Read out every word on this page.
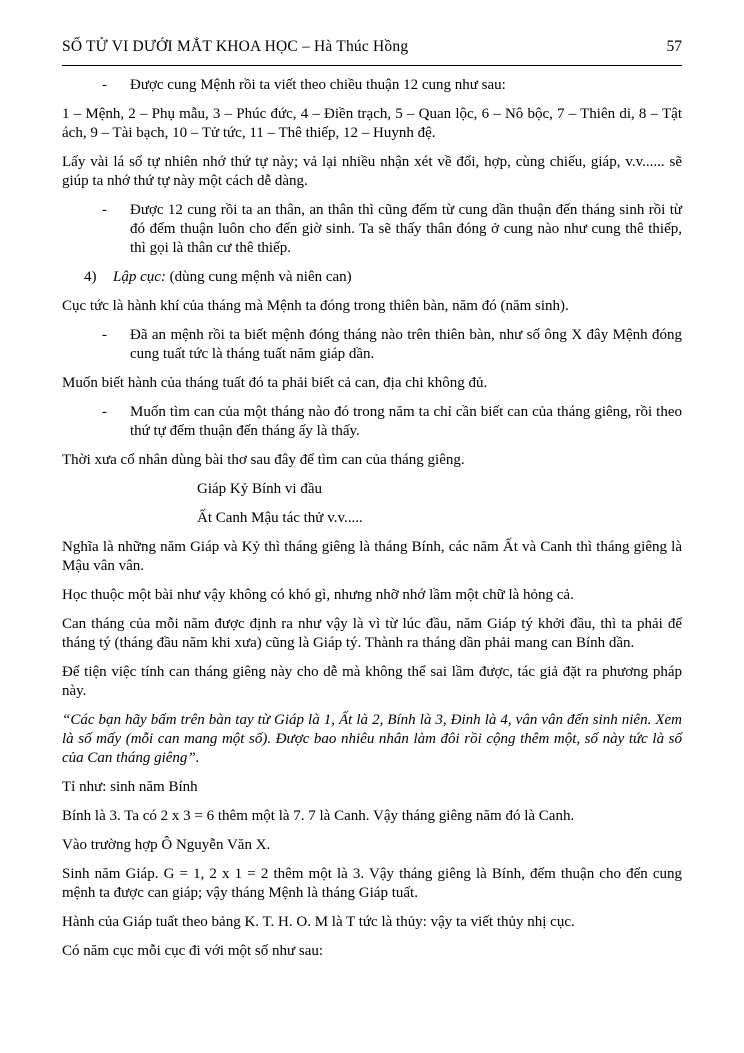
SỐ TỬ VI DƯỚI MẮT KHOA HỌC – Hà Thúc Hồng	57
-	Được cung Mệnh rồi ta viết theo chiều thuận 12 cung như sau:

1 – Mệnh, 2 – Phụ mẫu, 3 – Phúc đức, 4 – Điền trạch, 5 – Quan lộc, 6 – Nô bộc, 7 – Thiên di, 8 – Tật ách, 9 – Tài bạch, 10 – Tử tức, 11 – Thê thiếp, 12 – Huynh đệ.

Lấy vài lá số tự nhiên nhớ thứ tự này; vả lại nhiều nhận xét về đối, hợp, cùng chiếu, giáp, v.v...... sẽ giúp ta nhớ thứ tự này một cách dễ dàng.

-	Được 12 cung rồi ta an thân, an thân thì cũng đếm từ cung dần thuận đến tháng sinh rồi từ đó đếm thuận luôn cho đến giờ sinh. Ta sẽ thấy thân đóng ở cung nào như cung thê thiếp, thì gọi là thân cư thê thiếp.
4)	Lập cục: (dùng cung mệnh và niên can)

Cục tức là hành khí của tháng mà Mệnh ta đóng trong thiên bàn, năm đó (năm sinh).

-	Đã an mệnh rồi ta biết mệnh đóng tháng nào trên thiên bàn, như số ông X đây Mệnh đóng cung tuất tức là tháng tuất năm giáp dần.

Muốn biết hành của tháng tuất đó ta phải biết cả can, địa chi không đủ.

-	Muốn tìm can của một tháng nào đó trong năm ta chỉ cần biết can của tháng giêng, rồi theo thứ tự đếm thuận đến tháng ấy là thấy.

Thời xưa cổ nhân dùng bài thơ sau đây để tìm can của tháng giêng.

Giáp Kỷ Bính vi đầu

Ất Canh Mậu tác thử v.v.....

Nghĩa là những năm Giáp và Kỷ thì tháng giêng là tháng Bính, các năm Ất và Canh thì tháng giêng là Mậu vân vân.

Học thuộc một bài như vậy không có khó gì, nhưng nhỡ nhớ lầm một chữ là hỏng cả.

Can tháng của mỗi năm được định ra như vậy là vì từ lúc đầu, năm Giáp tý khởi đầu, thì ta phải để tháng tý (tháng đầu năm khi xưa) cũng là Giáp tý. Thành ra tháng dần phải mang can Bính dần.

Để tiện việc tính can tháng giêng này cho dễ mà không thể sai lầm được, tác giả đặt ra phương pháp này.

“Các bạn hãy bấm trên bàn tay từ Giáp là 1, Ất là 2, Bính là 3, Đinh là 4, vân vân đến sinh niên. Xem là số mấy (mỗi can mang một số). Được bao nhiêu nhân làm đôi rồi cộng thêm một, số này tức là số của Can tháng giêng”.

Tỉ như: sinh năm Bính

Bính là 3. Ta có 2 x 3 = 6 thêm một là 7. 7 là Canh. Vậy tháng giêng năm đó là Canh.

Vào trường hợp Ô Nguyễn Văn X.

Sinh năm Giáp. G = 1, 2 x 1 = 2 thêm một là 3. Vậy tháng giêng là Bính, đếm thuận cho đến cung mệnh ta được can giáp; vậy tháng Mệnh là tháng Giáp tuất.

Hành của Giáp tuất theo bảng K. T. H. O. M là T tức là thủy: vậy ta viết thủy nhị cục.

Có năm cục mỗi cục đi với một số như sau:
